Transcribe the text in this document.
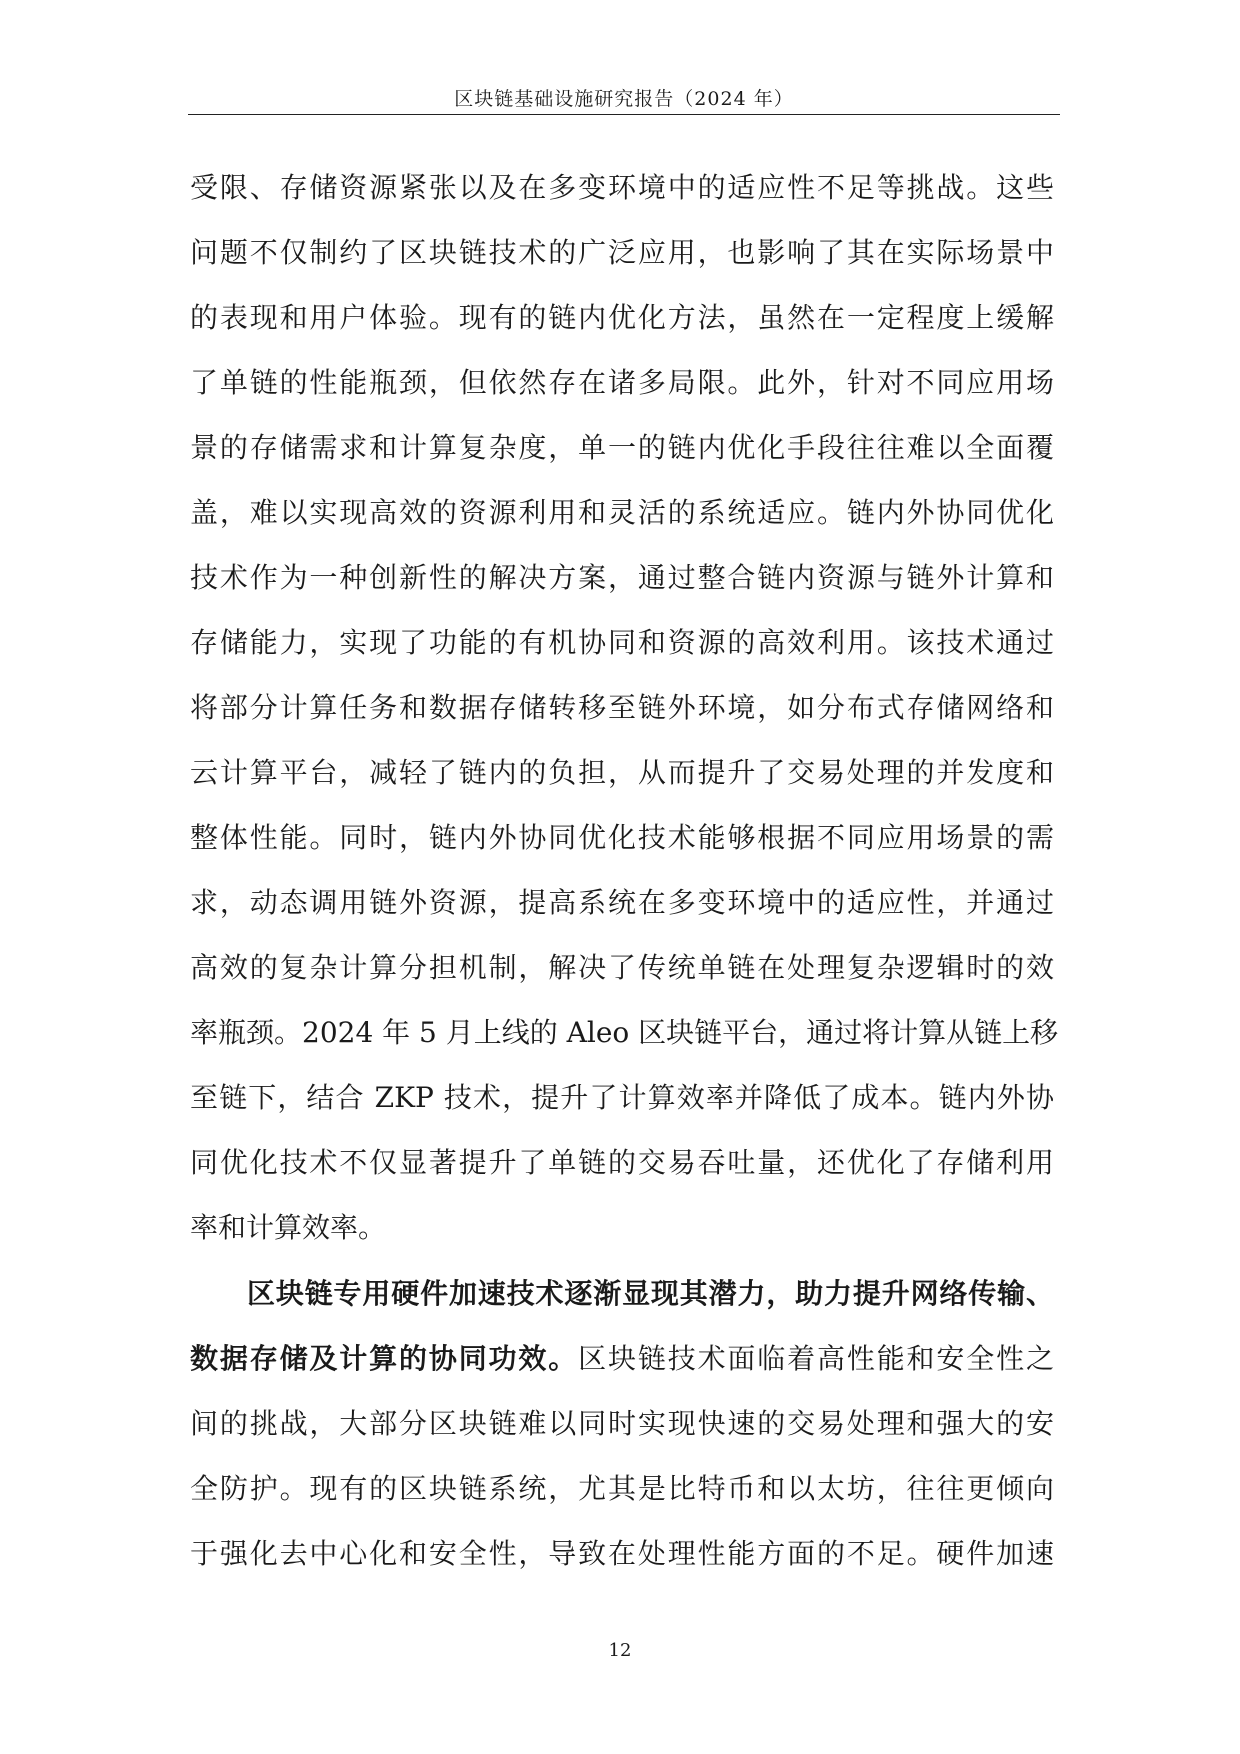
区块链基础设施研究报告（2024 年）
受限、存储资源紧张以及在多变环境中的适应性不足等挑战。这些
问题不仅制约了区块链技术的广泛应用，也影响了其在实际场景中
的表现和用户体验。现有的链内优化方法，虽然在一定程度上缓解
了单链的性能瓶颈，但依然存在诸多局限。此外，针对不同应用场
景的存储需求和计算复杂度，单一的链内优化手段往往难以全面覆
盖，难以实现高效的资源利用和灵活的系统适应。链内外协同优化
技术作为一种创新性的解决方案，通过整合链内资源与链外计算和
存储能力，实现了功能的有机协同和资源的高效利用。该技术通过
将部分计算任务和数据存储转移至链外环境，如分布式存储网络和
云计算平台，减轻了链内的负担，从而提升了交易处理的并发度和
整体性能。同时，链内外协同优化技术能够根据不同应用场景的需
求，动态调用链外资源，提高系统在多变环境中的适应性，并通过
高效的复杂计算分担机制，解决了传统单链在处理复杂逻辑时的效
率瓶颈。2024 年 5 月上线的 Aleo 区块链平台，通过将计算从链上移
至链下，结合 ZKP 技术，提升了计算效率并降低了成本。链内外协
同优化技术不仅显著提升了单链的交易吞吐量，还优化了存储利用
率和计算效率。
区块链专用硬件加速技术逐渐显现其潜力，助力提升网络传输、
数据存储及计算的协同功效。区块链技术面临着高性能和安全性之
间的挑战，大部分区块链难以同时实现快速的交易处理和强大的安
全防护。现有的区块链系统，尤其是比特币和以太坊，往往更倾向
于强化去中心化和安全性，导致在处理性能方面的不足。硬件加速
12
